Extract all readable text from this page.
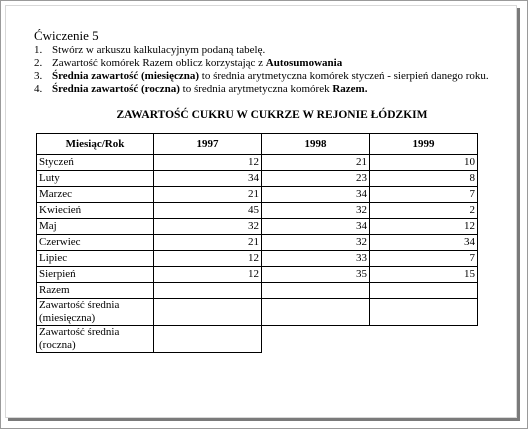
Ćwiczenie 5
1. Stwórz w arkuszu kalkulacyjnym podaną tabelę.
2. Zawartość komórek Razem oblicz korzystając z Autosumowania
3. Średnia zawartość (miesięczna) to średnia arytmetyczna komórek styczeń - sierpień danego roku.
4. Średnia zawartość (roczna) to średnia arytmetyczna komórek Razem.
ZAWARTOŚĆ CUKRU W CUKRZE W REJONIE ŁÓDZKIM
Miesiąc/Rok	1997	1998	1999
Styczeń	12	21	10
Luty	34	23	8
Marzec	21	34	7
Kwiecień	45	32	2
Maj	32	34	12
Czerwiec	21	32	34
Lipiec	12	33	7
Sierpień	12	35	15
Razem			
Zawartość średnia (miesięczna)			
Zawartość średnia (roczna)			
